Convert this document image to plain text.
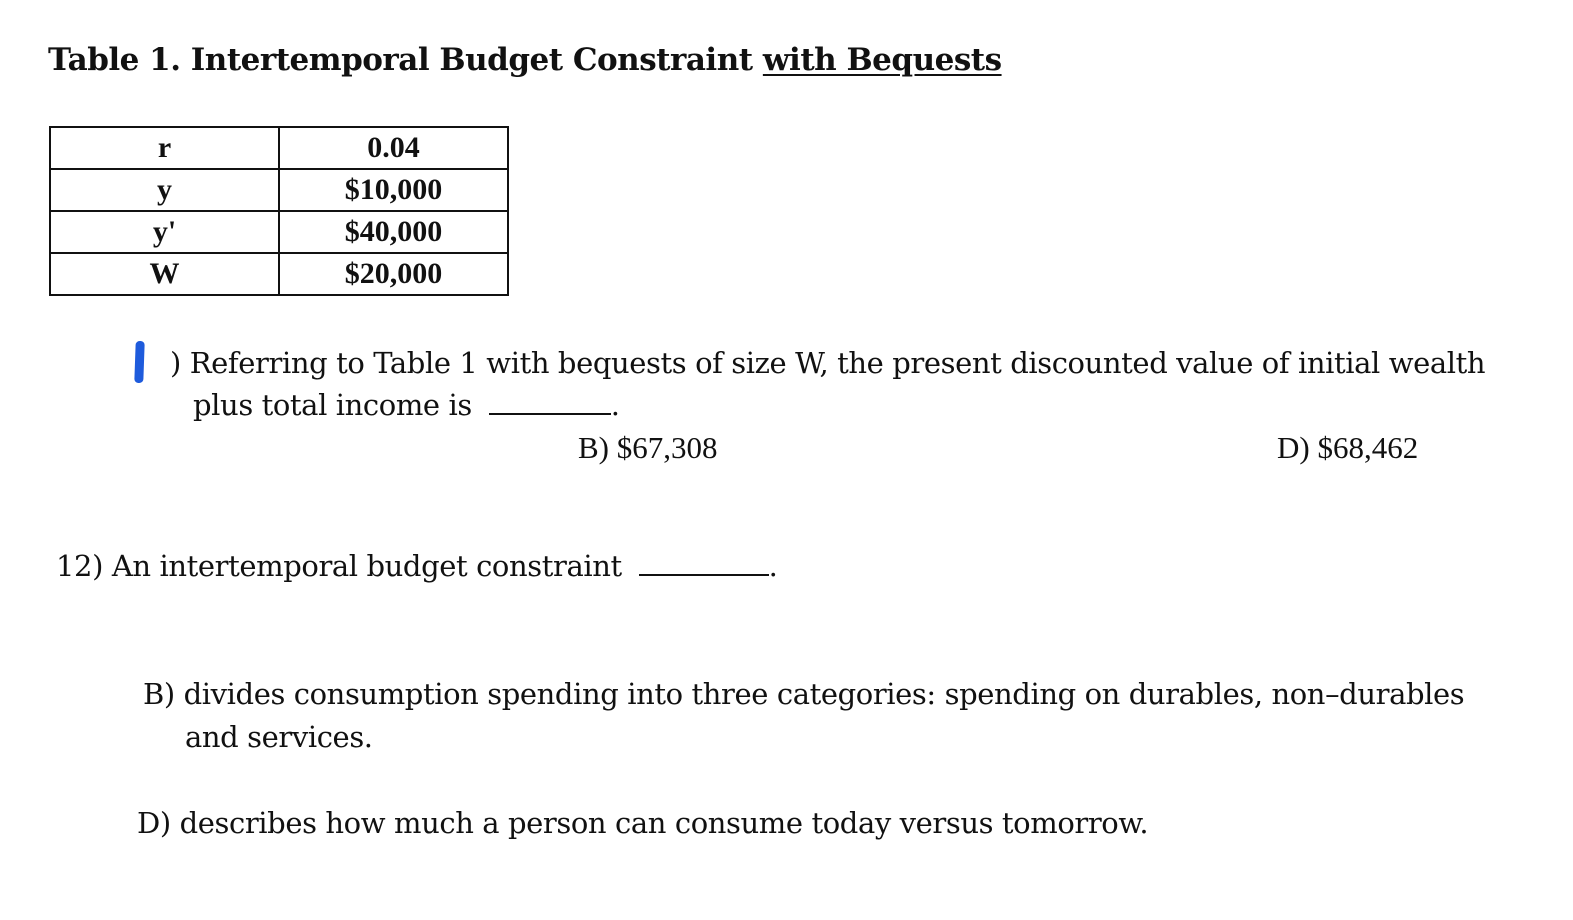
Table 1. Intertemporal Budget Constraint with Bequests
r	0.04
y	$10,000
y'	$40,000
W	$20,000
) Referring to Table 1 with bequests of size W, the present discounted value of initial wealth
plus total income is	.
B) $67,308	D) $68,462
12) An intertemporal budget constraint	.
B) divides consumption spending into three categories: spending on durables, non–durables
and services.
D) describes how much a person can consume today versus tomorrow.
